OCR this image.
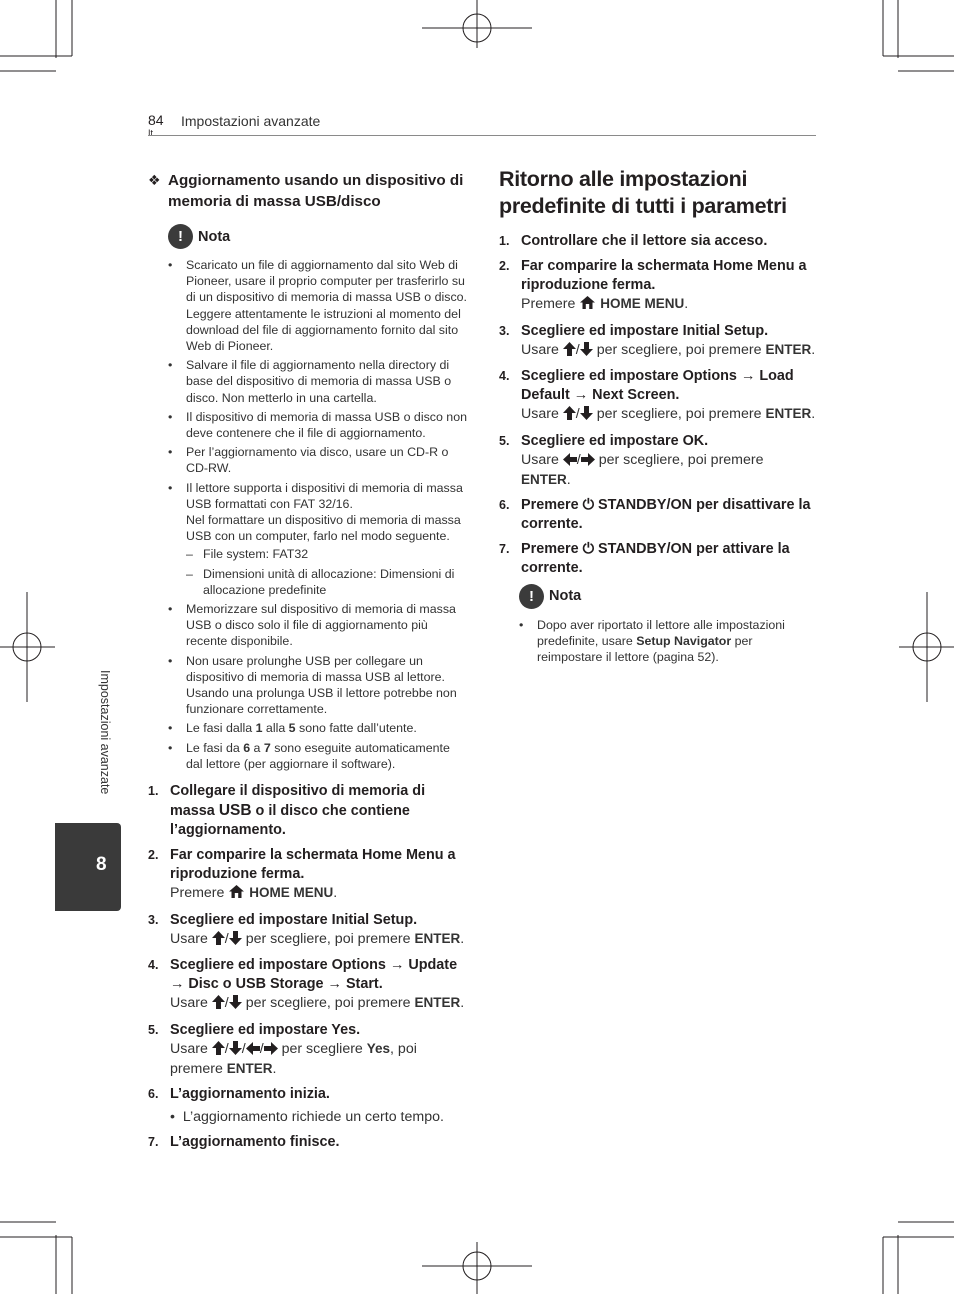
84
It
Impostazioni avanzate
Impostazioni avanzate
8
❖ Aggiornamento usando un dispositivo di memoria di massa USB/disco
!	Nota
• Scaricato un file di aggiornamento dal sito Web di Pioneer, usare il proprio computer per trasferirlo su di un dispositivo di memoria di massa USB o disco. Leggere attentamente le istruzioni al momento del download del file di aggiornamento fornito dal sito Web di Pioneer.
• Salvare il file di aggiornamento nella directory di base del dispositivo di memoria di massa USB o disco. Non metterlo in una cartella.
• Il dispositivo di memoria di massa USB o disco non deve contenere che il file di aggiornamento.
• Per l’aggiornamento via disco, usare un CD-R o CD-RW.
• Il lettore supporta i dispositivi di memoria di massa USB formattati con FAT 32/16.
Nel formattare un dispositivo di memoria di massa USB con un computer, farlo nel modo seguente.
– File system: FAT32
– Dimensioni unità di allocazione: Dimensioni di allocazione predefinite
• Memorizzare sul dispositivo di memoria di massa USB o disco solo il file di aggiornamento più recente disponibile.
• Non usare prolunghe USB per collegare un dispositivo di memoria di massa USB al lettore. Usando una prolunga USB il lettore potrebbe non funzionare correttamente.
• Le fasi dalla 1 alla 5 sono fatte dall’utente.
• Le fasi da 6 a 7 sono eseguite automaticamente dal lettore (per aggiornare il software).
1. Collegare il dispositivo di memoria di massa USB o il disco che contiene l’aggiornamento.
2. Far comparire la schermata Home Menu a riproduzione ferma.
Premere  HOME MENU.
3. Scegliere ed impostare Initial Setup.
Usare / per scegliere, poi premere ENTER.
4. Scegliere ed impostare Options → Update → Disc o USB Storage → Start.
Usare / per scegliere, poi premere ENTER.
5. Scegliere ed impostare Yes.
Usare / / / per scegliere Yes, poi premere ENTER.
6. L’aggiornamento inizia.
•  L’aggiornamento richiede un certo tempo.
7. L’aggiornamento finisce.
Ritorno alle impostazioni predefinite di tutti i parametri
1. Controllare che il lettore sia acceso.
2. Far comparire la schermata Home Menu a riproduzione ferma.
Premere  HOME MENU.
3. Scegliere ed impostare Initial Setup.
Usare / per scegliere, poi premere ENTER.
4. Scegliere ed impostare Options → Load Default → Next Screen.
Usare / per scegliere, poi premere ENTER.
5. Scegliere ed impostare OK.
Usare / per scegliere, poi premere ENTER.
6. Premere ⏻ STANDBY/ON per disattivare la corrente.
7. Premere ⏻ STANDBY/ON per attivare la corrente.
!	Nota
• Dopo aver riportato il lettore alle impostazioni predefinite, usare Setup Navigator per reimpostare il lettore (pagina 52).
